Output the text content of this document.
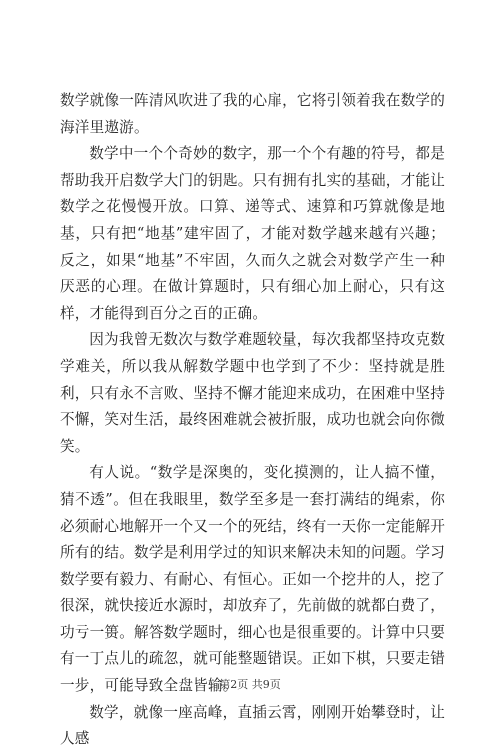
数学就像一阵清风吹进了我的心扉，它将引领着我在数学的海洋里遨游。

数学中一个个奇妙的数字，那一个个有趣的符号，都是帮助我开启数学大门的钥匙。只有拥有扎实的基础，才能让数学之花慢慢开放。口算、递等式、速算和巧算就像是地基，只有把“地基”建牢固了，才能对数学越来越有兴趣；反之，如果“地基”不牢固，久而久之就会对数学产生一种厌恶的心理。在做计算题时，只有细心加上耐心，只有这样，才能得到百分之百的正确。

因为我曾无数次与数学难题较量，每次我都坚持攻克数学难关，所以我从解数学题中也学到了不少：坚持就是胜利，只有永不言败、坚持不懈才能迎来成功，在困难中坚持不懈，笑对生活，最终困难就会被折服，成功也就会向你微笑。

有人说。“数学是深奥的，变化摸测的，让人搞不懂，猜不透”。但在我眼里，数学至多是一套打满结的绳索，你必须耐心地解开一个又一个的死结，终有一天你一定能解开所有的结。数学是利用学过的知识来解决未知的问题。学习数学要有毅力、有耐心、有恒心。正如一个挖井的人，挖了很深，就快接近水源时，却放弃了，先前做的就都白费了，功亏一篑。解答数学题时，细心也是很重要的。计算中只要有一丁点儿的疏忽，就可能整题错误。正如下棋，只要走错一步，可能导致全盘皆输。

数学，就像一座高峰，直插云霄，刚刚开始攀登时，让人感

第2页 共9页
